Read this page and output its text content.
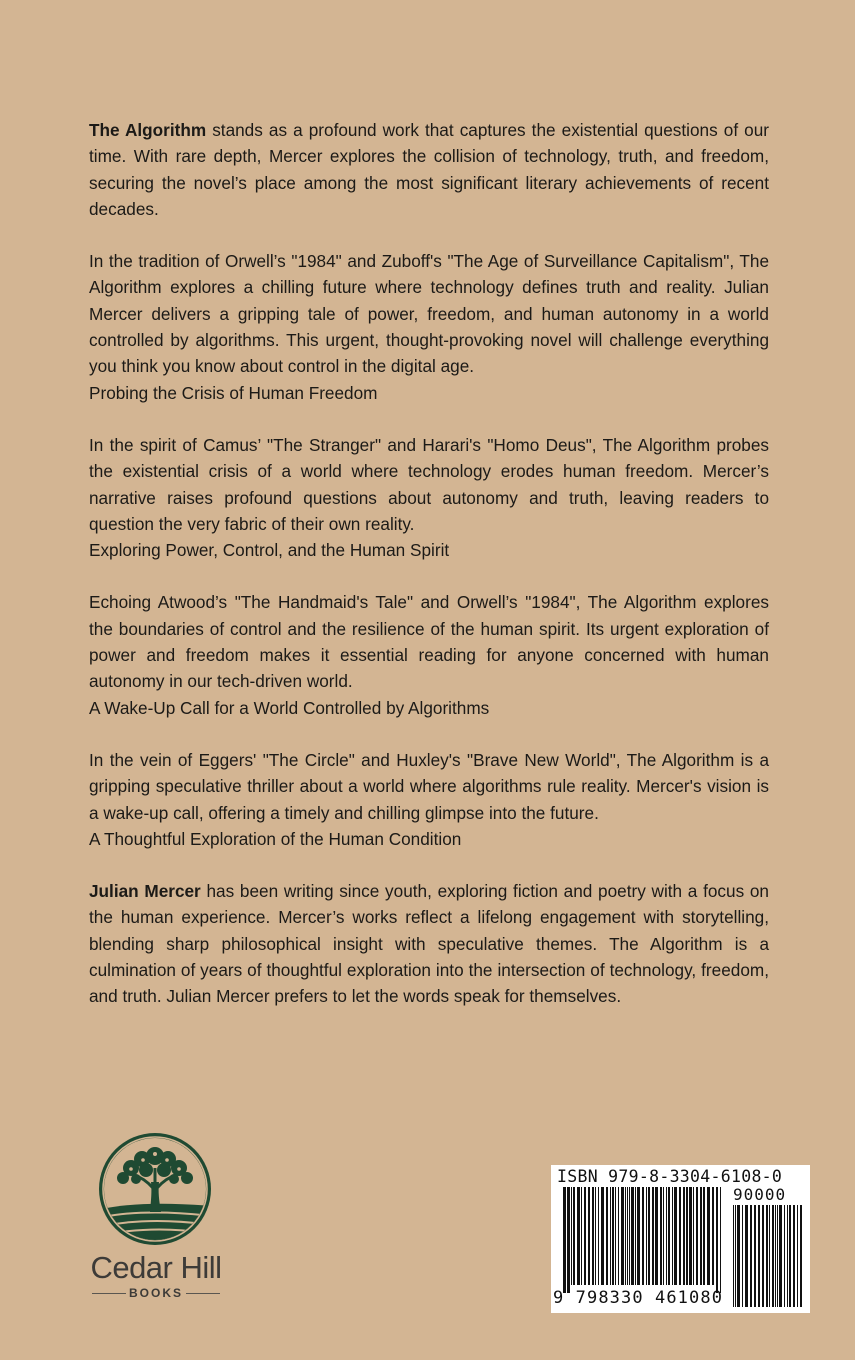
The Algorithm stands as a profound work that captures the existential questions of our time. With rare depth, Mercer explores the collision of technology, truth, and freedom, securing the novel’s place among the most significant literary achievements of recent decades.

In the tradition of Orwell’s "1984" and Zuboff's "The Age of Surveillance Capitalism", The Algorithm explores a chilling future where technology defines truth and reality. Julian Mercer delivers a gripping tale of power, freedom, and human autonomy in a world controlled by algorithms. This urgent, thought-provoking novel will challenge everything you think you know about control in the digital age.

Probing the Crisis of Human Freedom

In the spirit of Camus’ "The Stranger" and Harari's "Homo Deus", The Algorithm probes the existential crisis of a world where technology erodes human freedom. Mercer’s narrative raises profound questions about autonomy and truth, leaving readers to question the very fabric of their own reality.

Exploring Power, Control, and the Human Spirit

Echoing Atwood’s "The Handmaid's Tale" and Orwell’s "1984", The Algorithm explores the boundaries of control and the resilience of the human spirit. Its urgent exploration of power and freedom makes it essential reading for anyone concerned with human autonomy in our tech-driven world.

A Wake-Up Call for a World Controlled by Algorithms

In the vein of Eggers' "The Circle" and Huxley's "Brave New World", The Algorithm is a gripping speculative thriller about a world where algorithms rule reality. Mercer's vision is a wake-up call, offering a timely and chilling glimpse into the future.

A Thoughtful Exploration of the Human Condition

Julian Mercer has been writing since youth, exploring fiction and poetry with a focus on the human experience. Mercer’s works reflect a lifelong engagement with storytelling, blending sharp philosophical insight with speculative themes. The Algorithm is a culmination of years of thoughtful exploration into the intersection of technology, freedom, and truth. Julian Mercer prefers to let the words speak for themselves.

Cedar Hill
BOOKS
ISBN 979-8-3304-6108-0
90000
9 798330 461080
